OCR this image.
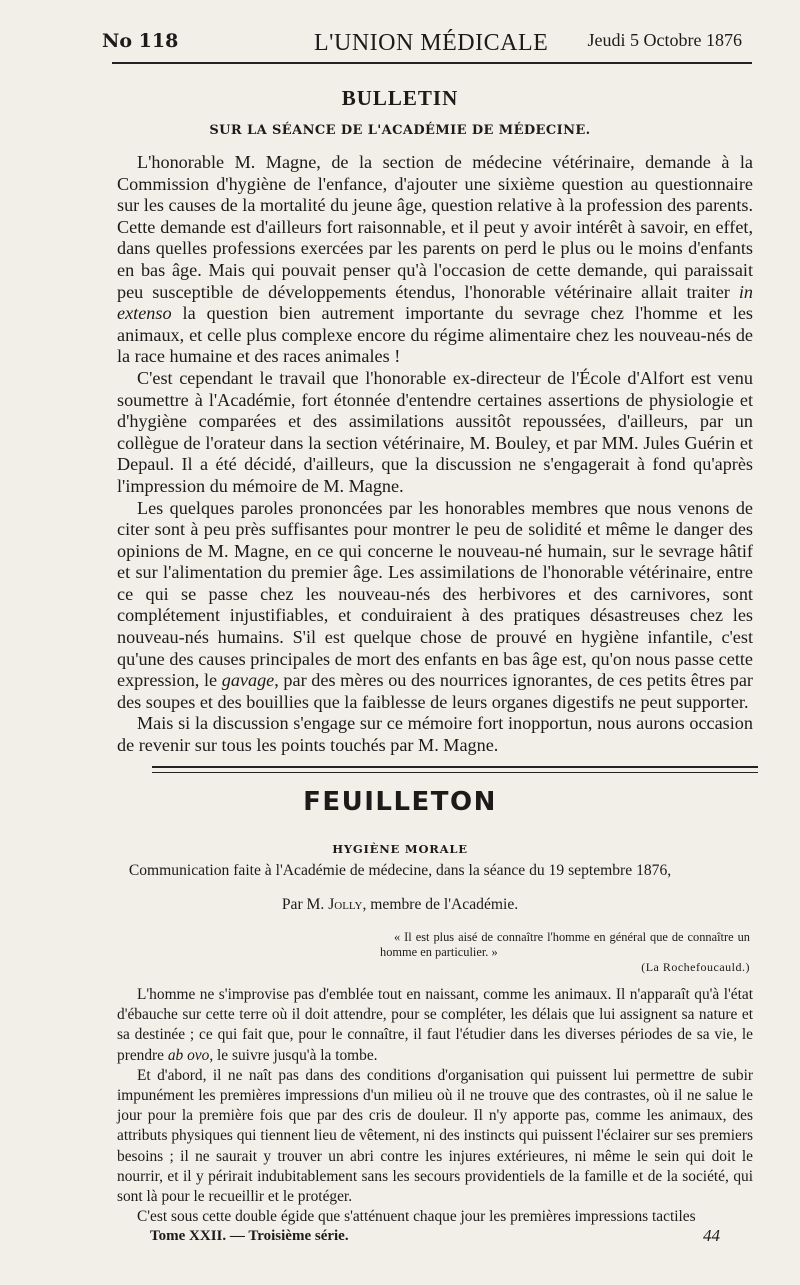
No 118	L'UNION MÉDICALE Jeudi 5 Octobre 1876
BULLETIN
SUR LA SÉANCE DE L'ACADÉMIE DE MÉDECINE.

L'honorable M. Magne, de la section de médecine vétérinaire, demande à la Commission d'hygiène de l'enfance, d'ajouter une sixième question au questionnaire sur les causes de la mortalité du jeune âge, question relative à la profession des parents. Cette demande est d'ailleurs fort raisonnable, et il peut y avoir intérêt à savoir, en effet, dans quelles professions exercées par les parents on perd le plus ou le moins d'enfants en bas âge. Mais qui pouvait penser qu'à l'occasion de cette demande, qui paraissait peu susceptible de développements étendus, l'honorable vétérinaire allait traiter in extenso la question bien autrement importante du sevrage chez l'homme et les animaux, et celle plus complexe encore du régime alimentaire chez les nouveau-nés de la race humaine et des races animales !

C'est cependant le travail que l'honorable ex-directeur de l'École d'Alfort est venu soumettre à l'Académie, fort étonnée d'entendre certaines assertions de physiologie et d'hygiène comparées et des assimilations aussitôt repoussées, d'ailleurs, par un collègue de l'orateur dans la section vétérinaire, M. Bouley, et par MM. Jules Guérin et Depaul. Il a été décidé, d'ailleurs, que la discussion ne s'engagerait à fond qu'après l'impression du mémoire de M. Magne.

Les quelques paroles prononcées par les honorables membres que nous venons de citer sont à peu près suffisantes pour montrer le peu de solidité et même le danger des opinions de M. Magne, en ce qui concerne le nouveau-né humain, sur le sevrage hâtif et sur l'alimentation du premier âge. Les assimilations de l'honorable vétérinaire, entre ce qui se passe chez les nouveau-nés des herbivores et des carnivores, sont complétement injustifiables, et conduiraient à des pratiques désastreuses chez les nouveau-nés humains. S'il est quelque chose de prouvé en hygiène infantile, c'est qu'une des causes principales de mort des enfants en bas âge est, qu'on nous passe cette expression, le gavage, par des mères ou des nourrices ignorantes, de ces petits êtres par des soupes et des bouillies que la faiblesse de leurs organes digestifs ne peut supporter.

Mais si la discussion s'engage sur ce mémoire fort inopportun, nous aurons occasion de revenir sur tous les points touchés par M. Magne.

FEUILLETON
HYGIÈNE MORALE
Communication faite à l'Académie de médecine, dans la séance du 19 septembre 1876,
Par M. Jolly, membre de l'Académie.
« Il est plus aisé de connaître l'homme en général que de connaître un homme en particulier. »
(La Rochefoucauld.)

L'homme ne s'improvise pas d'emblée tout en naissant, comme les animaux. Il n'apparaît qu'à l'état d'ébauche sur cette terre où il doit attendre, pour se compléter, les délais que lui assignent sa nature et sa destinée ; ce qui fait que, pour le connaître, il faut l'étudier dans les diverses périodes de sa vie, le prendre ab ovo, le suivre jusqu'à la tombe.

Et d'abord, il ne naît pas dans des conditions d'organisation qui puissent lui permettre de subir impunément les premières impressions d'un milieu où il ne trouve que des contrastes, où il ne salue le jour pour la première fois que par des cris de douleur. Il n'y apporte pas, comme les animaux, des attributs physiques qui tiennent lieu de vêtement, ni des instincts qui puissent l'éclairer sur ses premiers besoins ; il ne saurait y trouver un abri contre les injures extérieures, ni même le sein qui doit le nourrir, et il y périrait indubitablement sans les secours providentiels de la famille et de la société, qui sont là pour le recueillir et le protéger.

C'est sous cette double égide que s'atténuent chaque jour les premières impressions tactiles

Tome XXII. — Troisième série.	44
